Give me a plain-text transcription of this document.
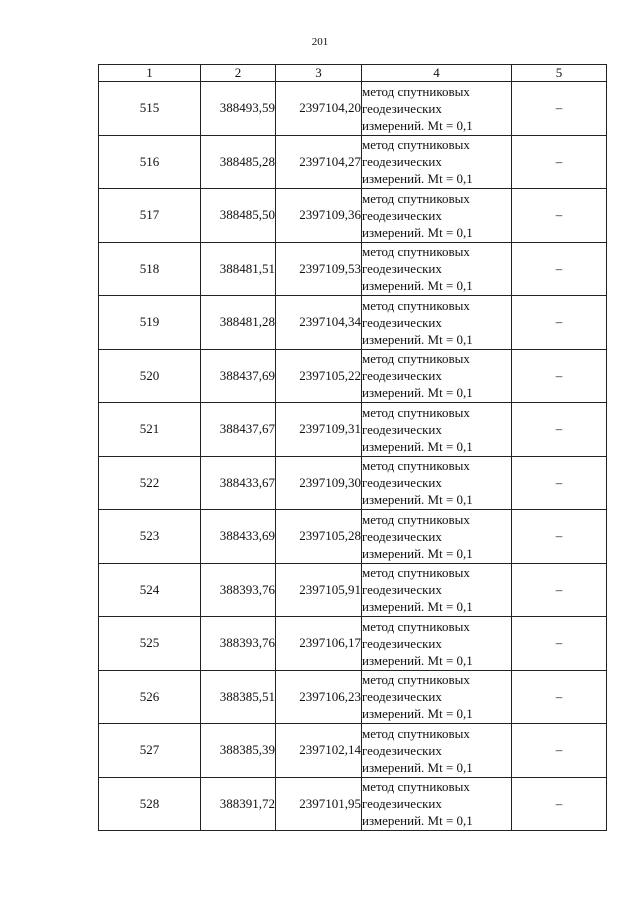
201
1	2	3	4	5
515	388493,59	2397104,20	метод спутниковых
геодезических
измерений. Mt = 0,1	–
516	388485,28	2397104,27	метод спутниковых
геодезических
измерений. Mt = 0,1	–
517	388485,50	2397109,36	метод спутниковых
геодезических
измерений. Mt = 0,1	–
518	388481,51	2397109,53	метод спутниковых
геодезических
измерений. Mt = 0,1	–
519	388481,28	2397104,34	метод спутниковых
геодезических
измерений. Mt = 0,1	–
520	388437,69	2397105,22	метод спутниковых
геодезических
измерений. Mt = 0,1	–
521	388437,67	2397109,31	метод спутниковых
геодезических
измерений. Mt = 0,1	–
522	388433,67	2397109,30	метод спутниковых
геодезических
измерений. Mt = 0,1	–
523	388433,69	2397105,28	метод спутниковых
геодезических
измерений. Mt = 0,1	–
524	388393,76	2397105,91	метод спутниковых
геодезических
измерений. Mt = 0,1	–
525	388393,76	2397106,17	метод спутниковых
геодезических
измерений. Mt = 0,1	–
526	388385,51	2397106,23	метод спутниковых
геодезических
измерений. Mt = 0,1	–
527	388385,39	2397102,14	метод спутниковых
геодезических
измерений. Mt = 0,1	–
528	388391,72	2397101,95	метод спутниковых
геодезических
измерений. Mt = 0,1	–
